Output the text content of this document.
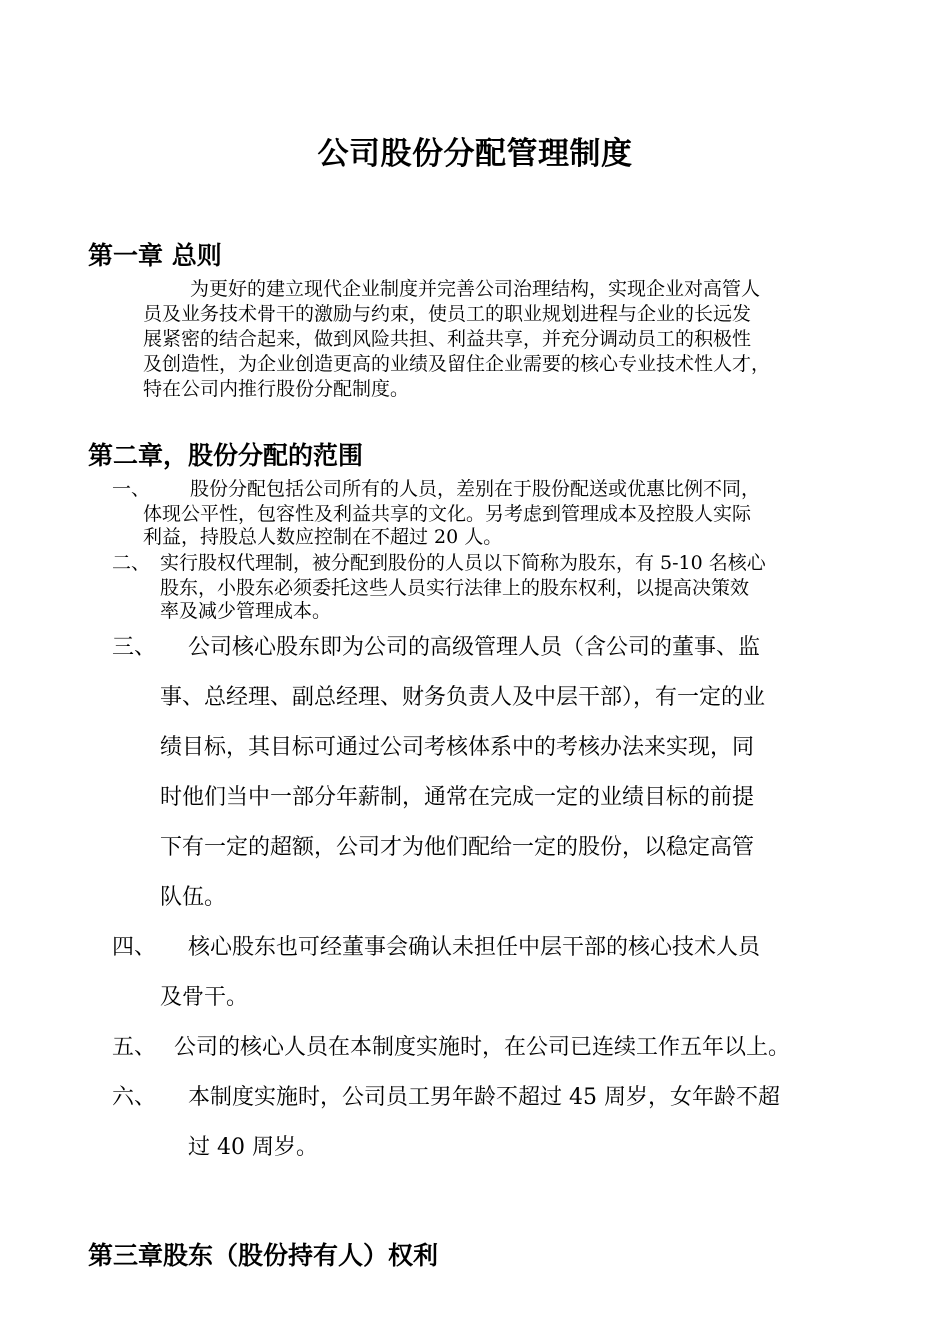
公司股份分配管理制度
第一章 总则
为更好的建立现代企业制度并完善公司治理结构，实现企业对高管人
员及业务技术骨干的激励与约束，使员工的职业规划进程与企业的长远发
展紧密的结合起来，做到风险共担、利益共享，并充分调动员工的积极性
及创造性，为企业创造更高的业绩及留住企业需要的核心专业技术性人才，
特在公司内推行股份分配制度。
第二章，股份分配的范围
一、 股份分配包括公司所有的人员，差别在于股份配送或优惠比例不同，
体现公平性，包容性及利益共享的文化。另考虑到管理成本及控股人实际
利益，持股总人数应控制在不超过 20 人。
二、 实行股权代理制，被分配到股份的人员以下简称为股东，有 5-10 名核心
股东，小股东必须委托这些人员实行法律上的股东权利，以提高决策效
率及减少管理成本。
三、 公司核心股东即为公司的高级管理人员（含公司的董事、监
事、总经理、副总经理、财务负责人及中层干部），有一定的业
绩目标，其目标可通过公司考核体系中的考核办法来实现，同
时他们当中一部分年薪制，通常在完成一定的业绩目标的前提
下有一定的超额，公司才为他们配给一定的股份，以稳定高管
队伍。
四、 核心股东也可经董事会确认未担任中层干部的核心技术人员
及骨干。
五、 公司的核心人员在本制度实施时，在公司已连续工作五年以上。
六、 本制度实施时，公司员工男年龄不超过 45 周岁，女年龄不超
过 40 周岁。
第三章股东（股份持有人）权利
